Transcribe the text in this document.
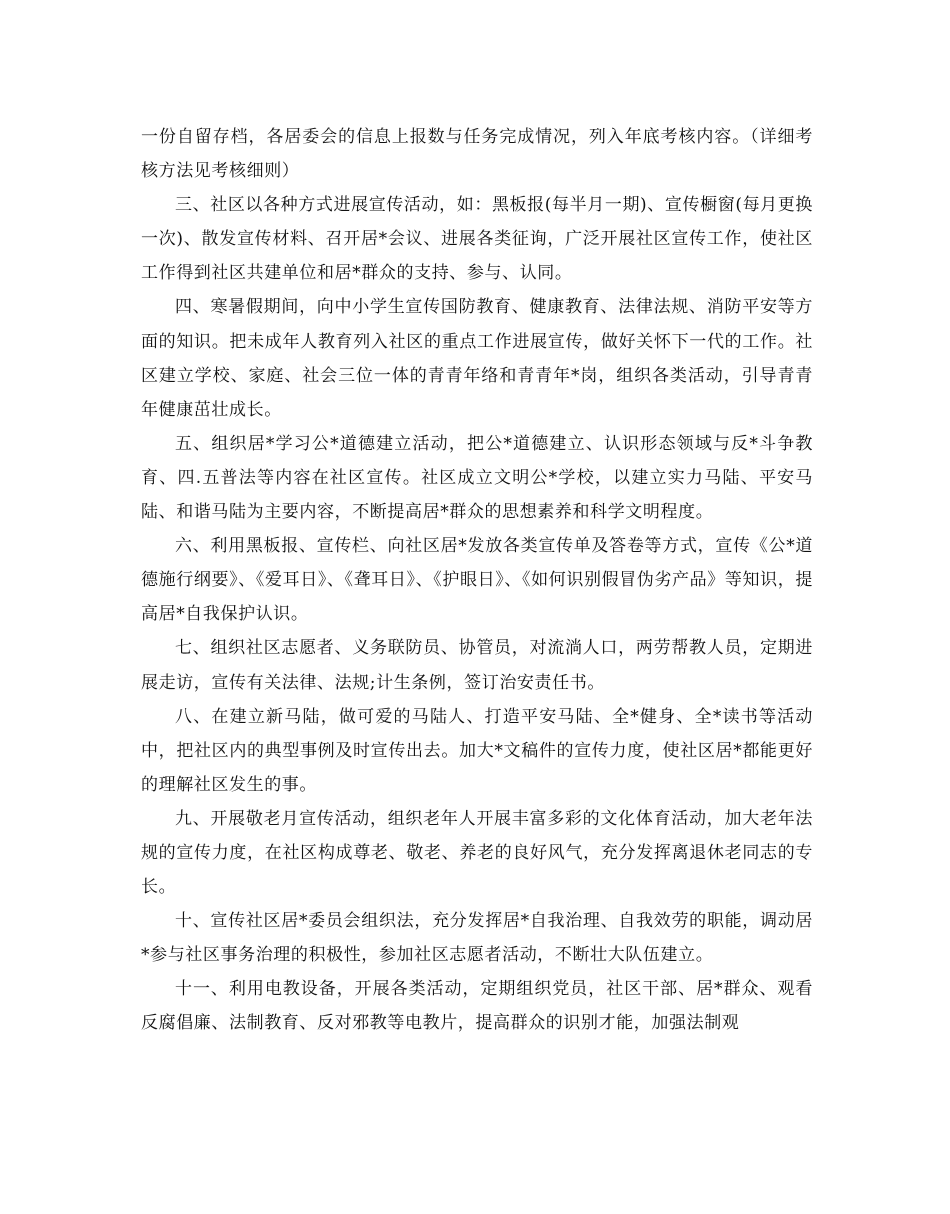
一份自留存档，各居委会的信息上报数与任务完成情况，列入年底考核内容。（详细考核方法见考核细则）

三、社区以各种方式进展宣传活动，如：黑板报(每半月一期)、宣传橱窗(每月更换一次)、散发宣传材料、召开居*会议、进展各类征询，广泛开展社区宣传工作，使社区工作得到社区共建单位和居*群众的支持、参与、认同。

四、寒暑假期间，向中小学生宣传国防教育、健康教育、法律法规、消防平安等方面的知识。把未成年人教育列入社区的重点工作进展宣传，做好关怀下一代的工作。社区建立学校、家庭、社会三位一体的青青年络和青青年*岗，组织各类活动，引导青青年健康茁壮成长。

五、组织居*学习公*道德建立活动，把公*道德建立、认识形态领域与反*斗争教育、四.五普法等内容在社区宣传。社区成立文明公*学校，以建立实力马陆、平安马陆、和谐马陆为主要内容，不断提高居*群众的思想素养和科学文明程度。

六、利用黑板报、宣传栏、向社区居*发放各类宣传单及答卷等方式，宣传《公*道德施行纲要》、《爱耳日》、《聋耳日》、《护眼日》、《如何识别假冒伪劣产品》等知识，提高居*自我保护认识。

七、组织社区志愿者、义务联防员、协管员，对流淌人口，两劳帮教人员，定期进展走访，宣传有关法律、法规;计生条例，签订治安责任书。

八、在建立新马陆，做可爱的马陆人、打造平安马陆、全*健身、全*读书等活动中，把社区内的典型事例及时宣传出去。加大*文稿件的宣传力度，使社区居*都能更好的理解社区发生的事。

九、开展敬老月宣传活动，组织老年人开展丰富多彩的文化体育活动，加大老年法规的宣传力度，在社区构成尊老、敬老、养老的良好风气，充分发挥离退休老同志的专长。

十、宣传社区居*委员会组织法，充分发挥居*自我治理、自我效劳的职能，调动居*参与社区事务治理的积极性，参加社区志愿者活动，不断壮大队伍建立。

十一、利用电教设备，开展各类活动，定期组织党员，社区干部、居*群众、观看反腐倡廉、法制教育、反对邪教等电教片，提高群众的识别才能，加强法制观
